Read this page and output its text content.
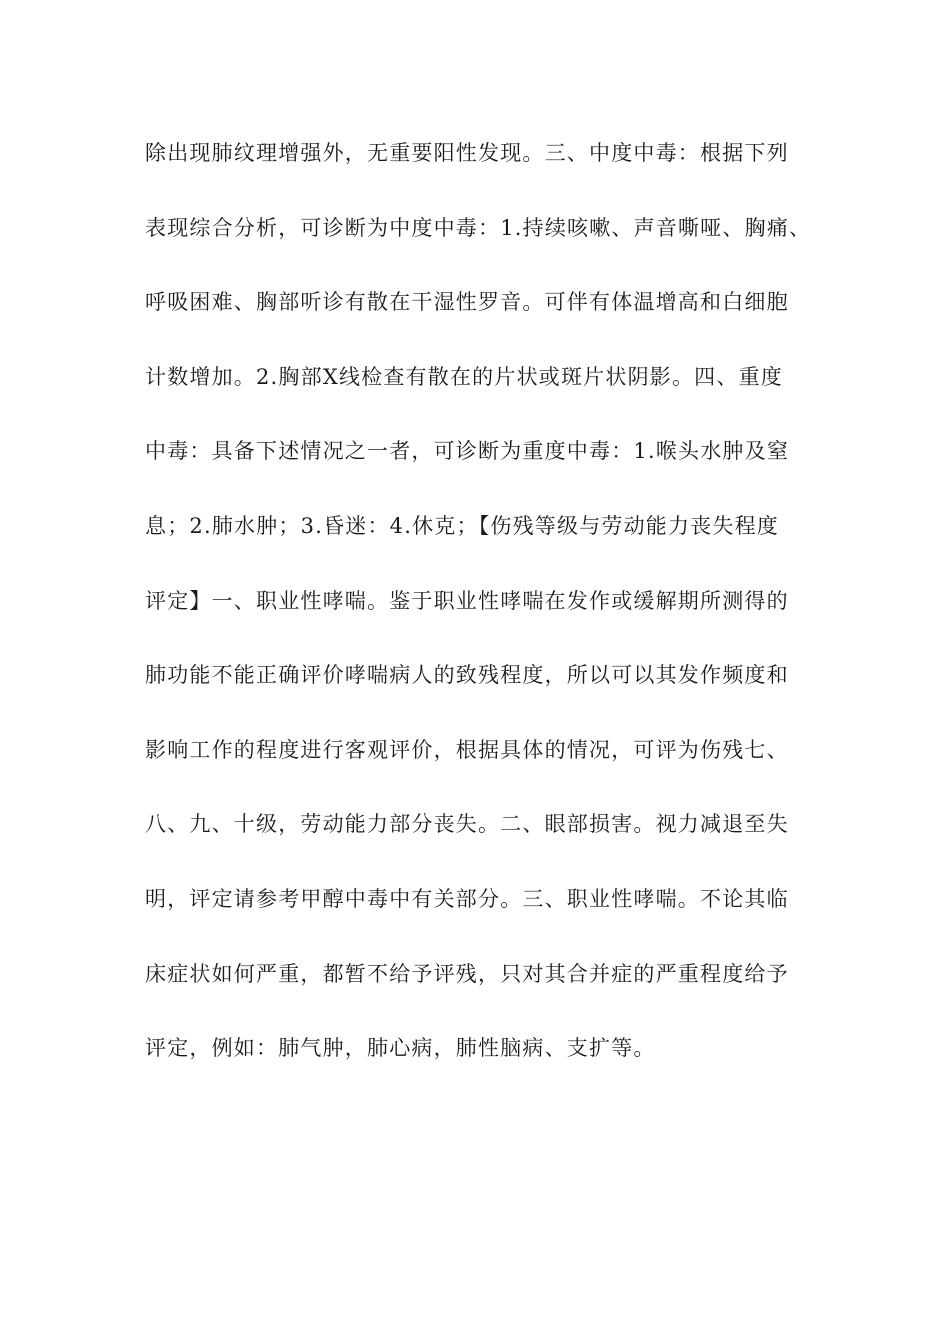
除出现肺纹理增强外，无重要阳性发现。三、中度中毒：根据下列
表现综合分析，可诊断为中度中毒：1.持续咳嗽、声音嘶哑、胸痛、
呼吸困难、胸部听诊有散在干湿性罗音。可伴有体温增高和白细胞
计数增加。2.胸部X线检查有散在的片状或斑片状阴影。四、重度
中毒：具备下述情况之一者，可诊断为重度中毒：1.喉头水肿及窒
息；2.肺水肿；3.昏迷：4.休克；【伤残等级与劳动能力丧失程度
评定】一、职业性哮喘。鉴于职业性哮喘在发作或缓解期所测得的
肺功能不能正确评价哮喘病人的致残程度，所以可以其发作频度和
影响工作的程度进行客观评价，根据具体的情况，可评为伤残七、
八、九、十级，劳动能力部分丧失。二、眼部损害。视力减退至失
明，评定请参考甲醇中毒中有关部分。三、职业性哮喘。不论其临
床症状如何严重，都暂不给予评残，只对其合并症的严重程度给予
评定，例如：肺气肿，肺心病，肺性脑病、支扩等。
